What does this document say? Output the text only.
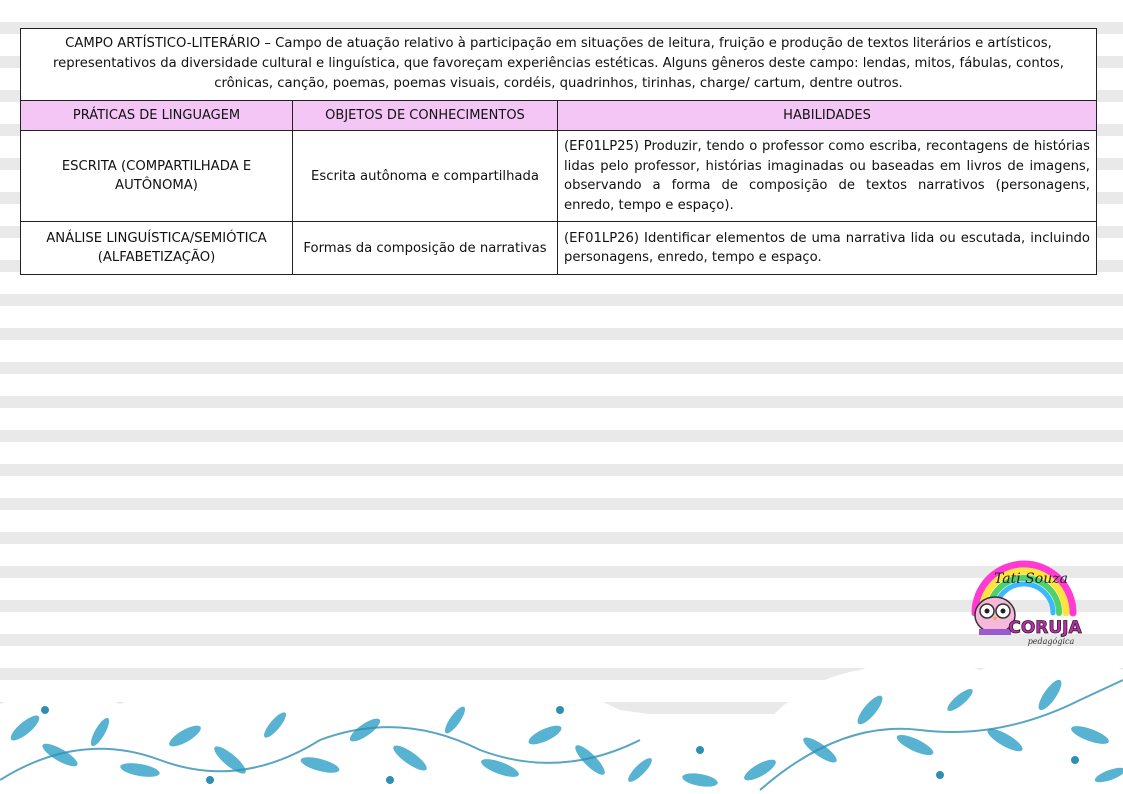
CAMPO ARTÍSTICO-LITERÁRIO – Campo de atuação relativo à participação em situações de leitura, fruição e produção de textos literários e artísticos, representativos da diversidade cultural e linguística, que favoreçam experiências estéticas. Alguns gêneros deste campo: lendas, mitos, fábulas, contos, crônicas, canção, poemas, poemas visuais, cordéis, quadrinhos, tirinhas, charge/ cartum, dentre outros.		
PRÁTICAS DE LINGUAGEM	OBJETOS DE CONHECIMENTOS	HABILIDADES
ESCRITA (COMPARTILHADA E AUTÔNOMA)	Escrita autônoma e compartilhada	(EF01LP25) Produzir, tendo o professor como escriba, recontagens de histórias lidas pelo professor, histórias imaginadas ou baseadas em livros de imagens, observando a forma de composição de textos narrativos (personagens, enredo, tempo e espaço).
ANÁLISE LINGUÍSTICA/SEMIÓTICA (ALFABETIZAÇÃO)	Formas da composição de narrativas	(EF01LP26) Identificar elementos de uma narrativa lida ou escutada, incluindo personagens, enredo, tempo e espaço.
Tati Souza
CORUJA
pedagógica
